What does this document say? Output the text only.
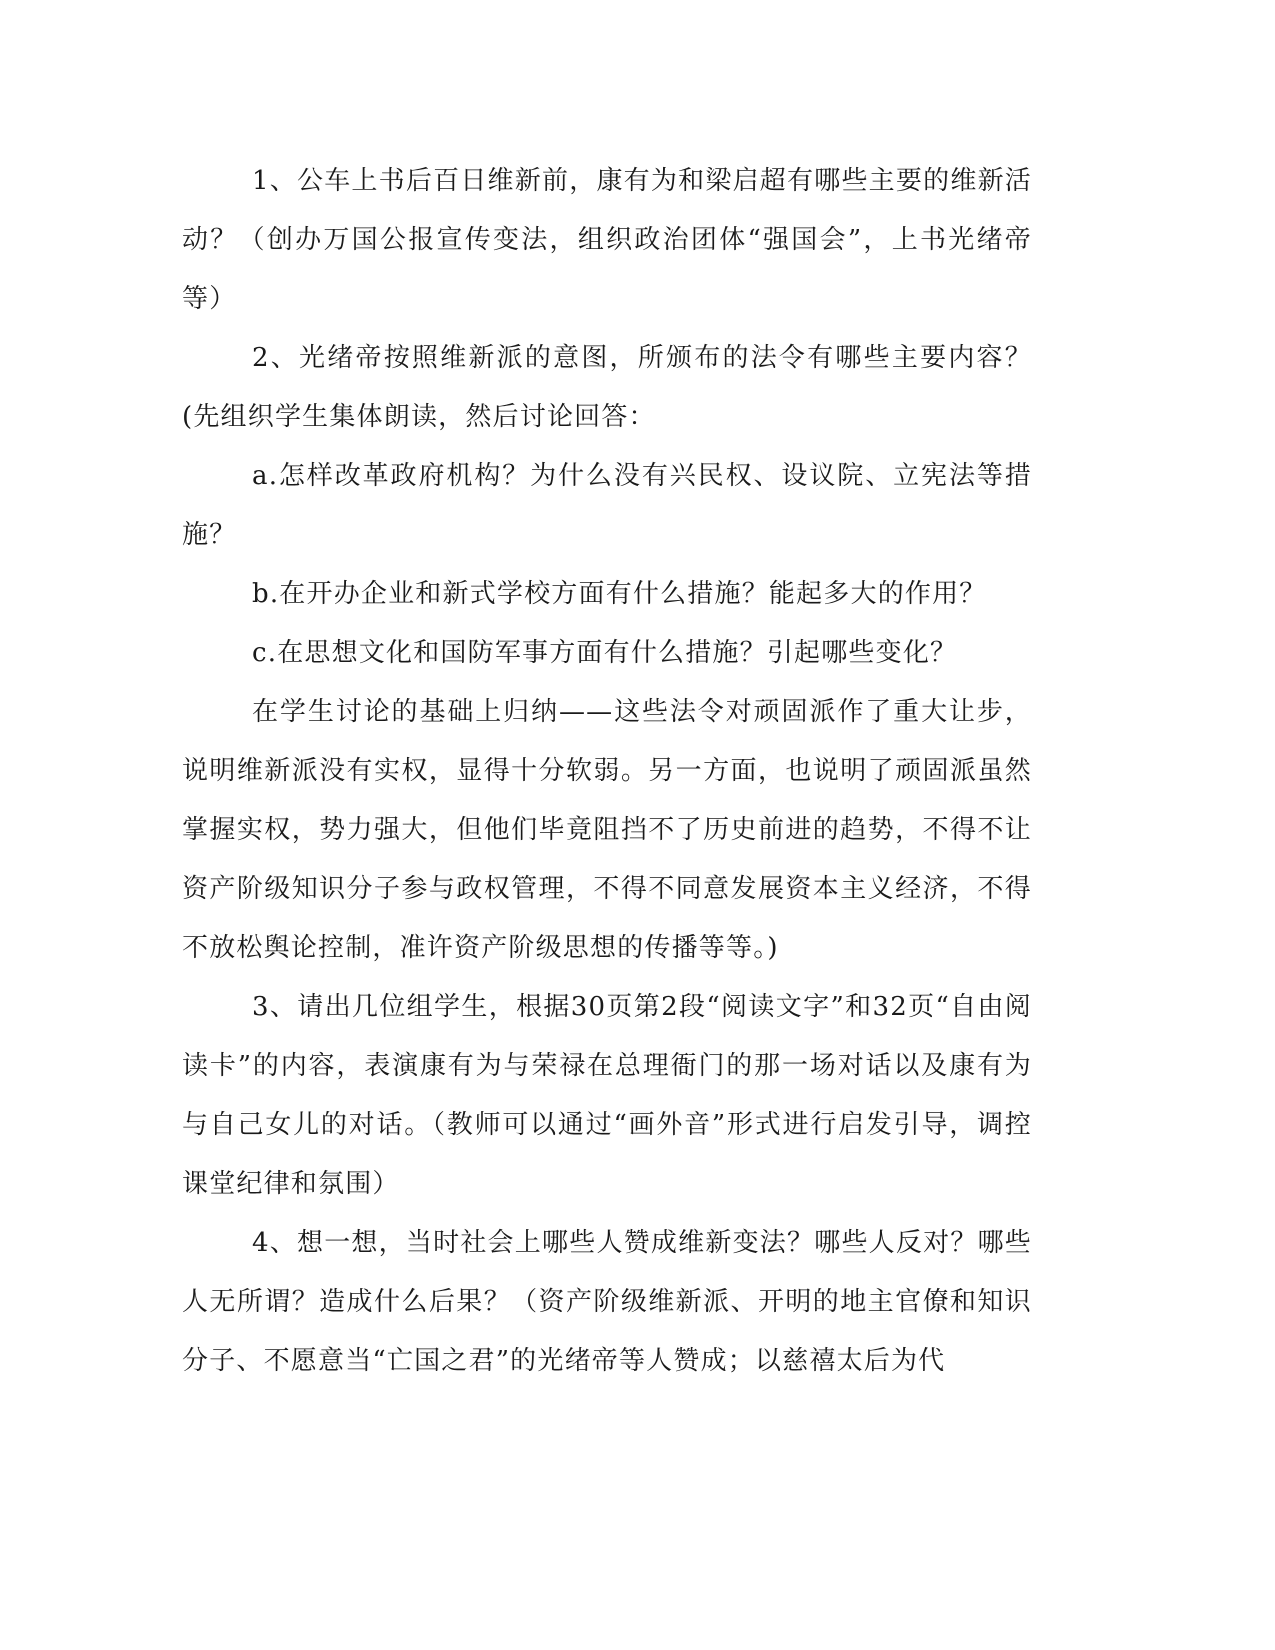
1、公车上书后百日维新前，康有为和梁启超有哪些主要的维新活动？（创办万国公报宣传变法，组织政治团体“强国会”，上书光绪帝等）

2、光绪帝按照维新派的意图，所颁布的法令有哪些主要内容？(先组织学生集体朗读，然后讨论回答：

a.怎样改革政府机构？为什么没有兴民权、设议院、立宪法等措施？

b.在开办企业和新式学校方面有什么措施？能起多大的作用？

c.在思想文化和国防军事方面有什么措施？引起哪些变化？

在学生讨论的基础上归纳——这些法令对顽固派作了重大让步，说明维新派没有实权，显得十分软弱。另一方面，也说明了顽固派虽然掌握实权，势力强大，但他们毕竟阻挡不了历史前进的趋势，不得不让资产阶级知识分子参与政权管理，不得不同意发展资本主义经济，不得不放松舆论控制，准许资产阶级思想的传播等等。)

3、请出几位组学生，根据30页第2段“阅读文字”和32页“自由阅读卡”的内容，表演康有为与荣禄在总理衙门的那一场对话以及康有为与自己女儿的对话。（教师可以通过“画外音”形式进行启发引导，调控课堂纪律和氛围）

4、想一想，当时社会上哪些人赞成维新变法？哪些人反对？哪些人无所谓？造成什么后果？（资产阶级维新派、开明的地主官僚和知识分子、不愿意当“亡国之君”的光绪帝等人赞成；以慈禧太后为代
